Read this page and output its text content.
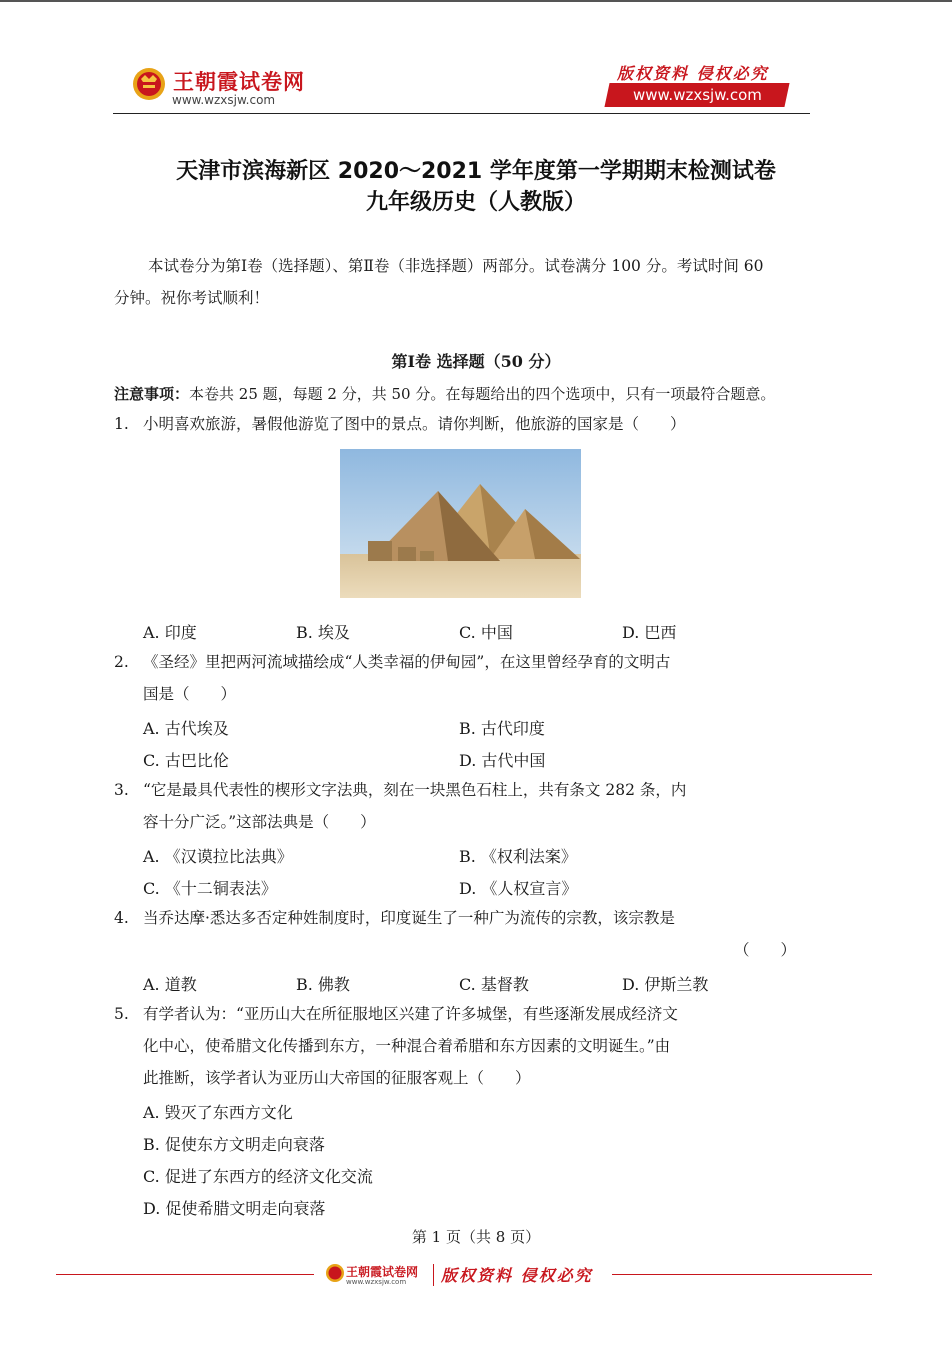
王朝霞试卷网
www.wzxsjw.com
版权资料 侵权必究
www.wzxsjw.com
天津市滨海新区 2020～2021 学年度第一学期期末检测试卷
九年级历史（人教版）
本试卷分为第Ⅰ卷（选择题）、第Ⅱ卷（非选择题）两部分。试卷满分 100 分。考试时间 60
分钟。祝你考试顺利！
第Ⅰ卷 选择题（50 分）
注意事项：本卷共 25 题，每题 2 分，共 50 分。在每题给出的四个选项中，只有一项最符合题意。
1. 小明喜欢旅游，暑假他游览了图中的景点。请你判断，他旅游的国家是（　　）
A. 印度	B. 埃及	C. 中国	D. 巴西
2. 《圣经》里把两河流域描绘成“人类幸福的伊甸园”，在这里曾经孕育的文明古
国是（　　）
A. 古代埃及	B. 古代印度
C. 古巴比伦	D. 古代中国
3. “它是最具代表性的楔形文字法典，刻在一块黑色石柱上，共有条文 282 条，内
容十分广泛。”这部法典是（　　）
A. 《汉谟拉比法典》	B. 《权利法案》
C. 《十二铜表法》	D. 《人权宣言》
4. 当乔达摩·悉达多否定种姓制度时，印度诞生了一种广为流传的宗教，该宗教是
（　　）
A. 道教	B. 佛教	C. 基督教	D. 伊斯兰教
5. 有学者认为：“亚历山大在所征服地区兴建了许多城堡，有些逐渐发展成经济文
化中心，使希腊文化传播到东方，一种混合着希腊和东方因素的文明诞生。”由
此推断，该学者认为亚历山大帝国的征服客观上（　　）
A. 毁灭了东西方文化
B. 促使东方文明走向衰落
C. 促进了东西方的经济文化交流
D. 促使希腊文明走向衰落
第 1 页（共 8 页）
王朝霞试卷网
www.wzxsjw.com 版权资料 侵权必究
